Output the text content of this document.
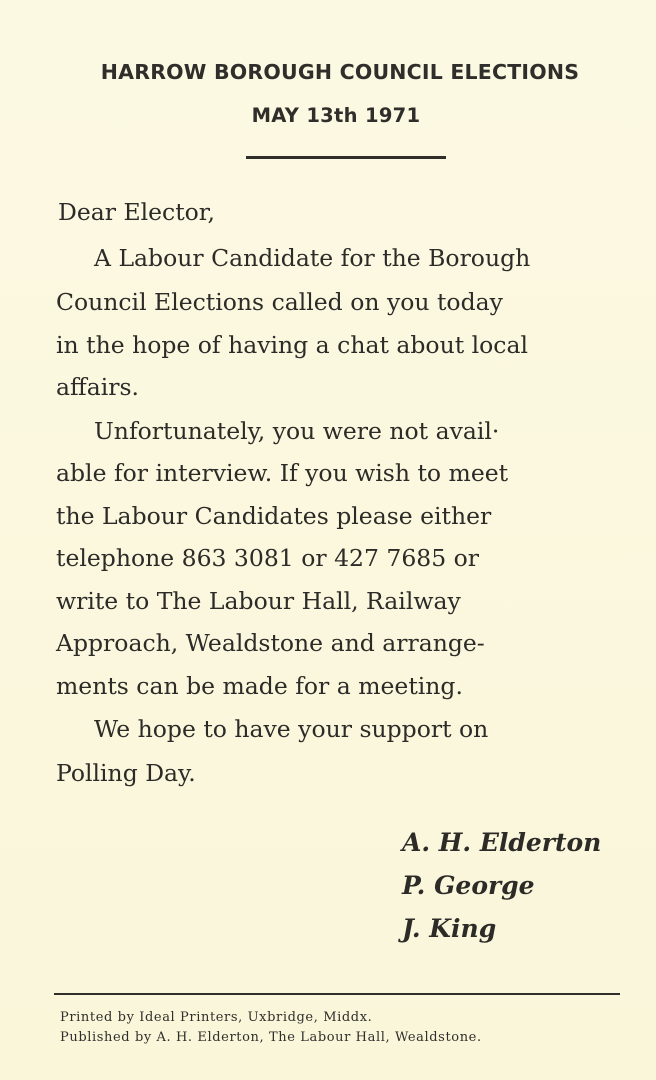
HARROW BOROUGH COUNCIL ELECTIONS
MAY 13th 1971
Dear Elector,
A Labour Candidate for the Borough
Council Elections called on you today
in the hope of having a chat about local
affairs.
Unfortunately, you were not avail·
able for interview. If you wish to meet
the Labour Candidates please either
telephone 863 3081 or 427 7685 or
write to The Labour Hall, Railway
Approach, Wealdstone and arrange-
ments can be made for a meeting.
We hope to have your support on
Polling Day.
A. H. Elderton
P. George
J. King
Printed by Ideal Printers, Uxbridge, Middx.
Published by A. H. Elderton, The Labour Hall, Wealdstone.
